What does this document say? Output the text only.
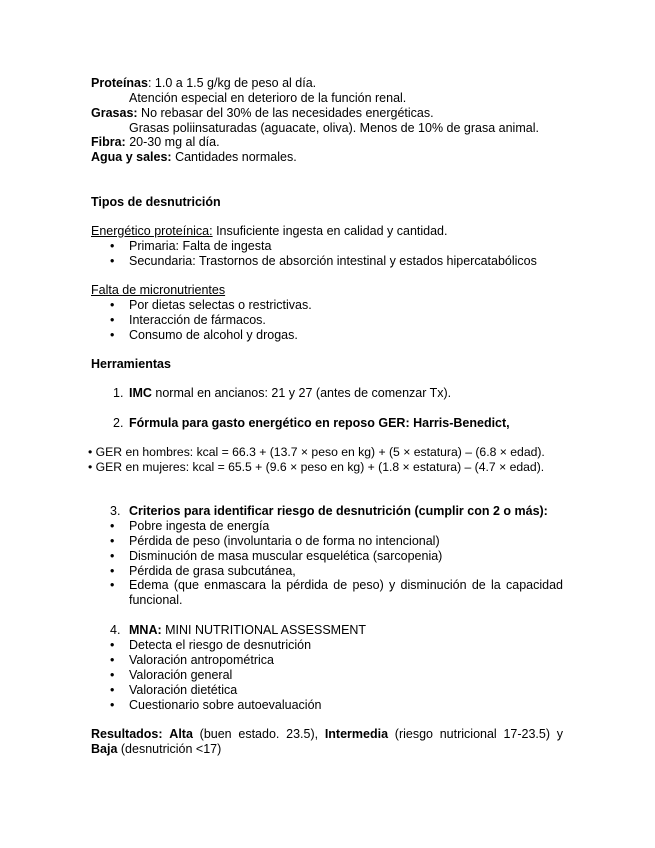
Proteínas: 1.0 a 1.5 g/kg de peso al día.
Atención especial en deterioro de la función renal.
Grasas: No rebasar del 30% de las necesidades energéticas.
Grasas poliinsaturadas (aguacate, oliva). Menos de 10% de grasa animal.
Fibra: 20-30 mg al día.
Agua y sales: Cantidades normales.
Tipos de desnutrición
Energético proteínica: Insuficiente ingesta en calidad y cantidad.
• Primaria: Falta de ingesta
• Secundaria: Trastornos de absorción intestinal y estados hipercatabólicos
Falta de micronutrientes
• Por dietas selectas o restrictivas.
• Interacción de fármacos.
• Consumo de alcohol y drogas.
Herramientas
1. IMC normal en ancianos: 21 y 27 (antes de comenzar Tx).
2. Fórmula para gasto energético en reposo GER: Harris-Benedict,
• GER en hombres: kcal = 66.3 + (13.7 × peso en kg) + (5 × estatura) – (6.8 × edad).
• GER en mujeres: kcal = 65.5 + (9.6 × peso en kg) + (1.8 × estatura) – (4.7 × edad).
3. Criterios para identificar riesgo de desnutrición (cumplir con 2 o más):
• Pobre ingesta de energía
• Pérdida de peso (involuntaria o de forma no intencional)
• Disminución de masa muscular esquelética (sarcopenia)
• Pérdida de grasa subcutánea,
• Edema (que enmascara la pérdida de peso) y disminución de la capacidad funcional.
4. MNA: MINI NUTRITIONAL ASSESSMENT
• Detecta el riesgo de desnutrición
• Valoración antropométrica
• Valoración general
• Valoración dietética
• Cuestionario sobre autoevaluación
Resultados: Alta (buen estado. 23.5), Intermedia (riesgo nutricional 17-23.5) y
Baja (desnutrición <17)
